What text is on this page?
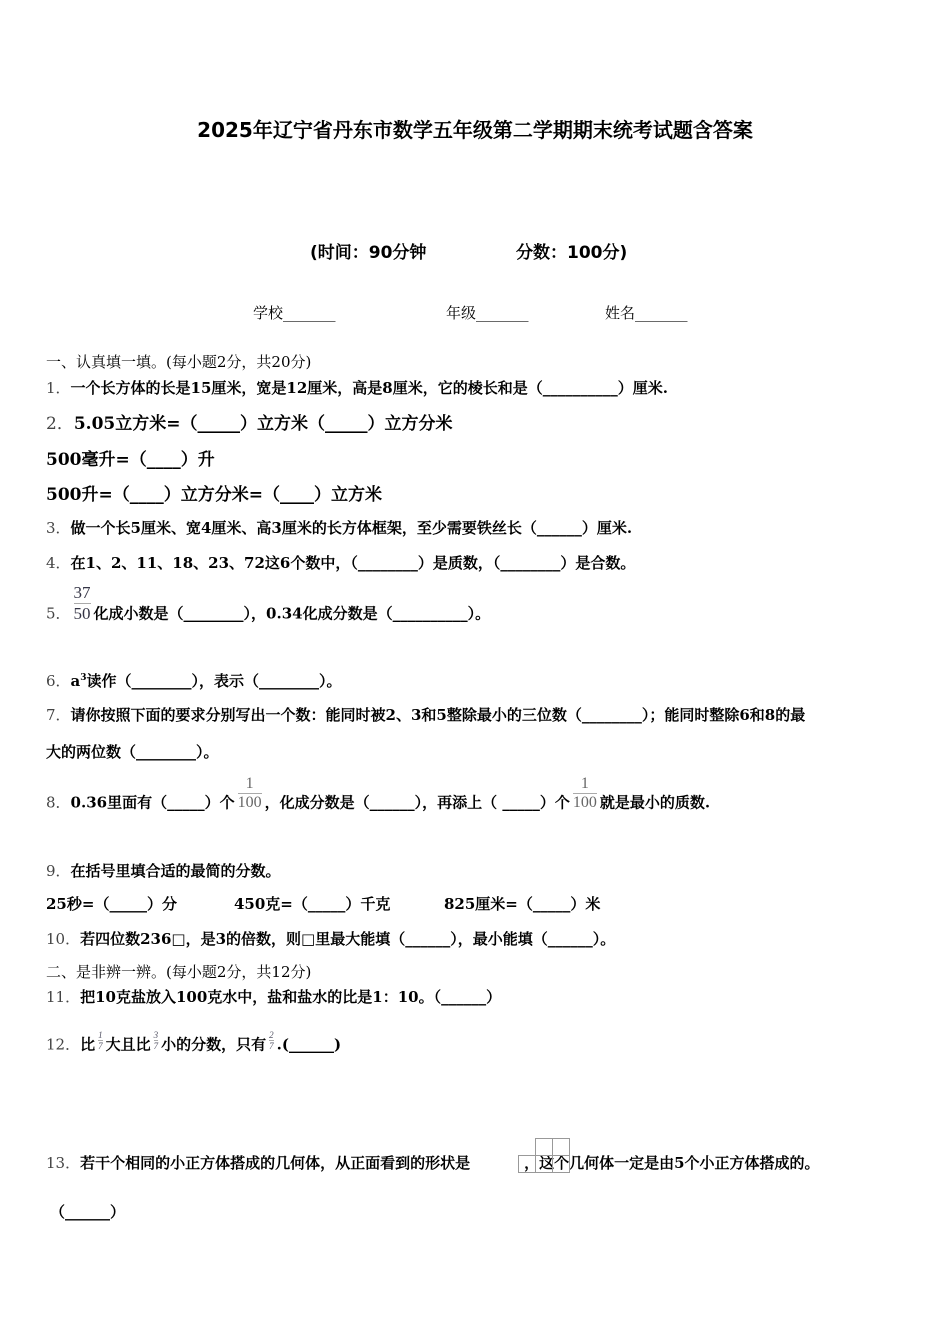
2025年辽宁省丹东市数学五年级第二学期期末统考试题含答案
(时间：90分钟	分数：100分)
学校_______	年级_______	姓名_______
一、认真填一填。(每小题2分，共20分)
1．一个长方体的长是15厘米，宽是12厘米，高是8厘米，它的棱长和是（__________）厘米.
2．5.05立方米=（_____）立方米（_____）立方分米
500毫升=（____）升
500升=（____）立方分米=（____）立方米
3．做一个长5厘米、宽4厘米、高3厘米的长方体框架，至少需要铁丝长（______）厘米.
4．在1、2、11、18、23、72这6个数中，（________）是质数，（________）是合数。
5． $\frac{37}{50}$ 化成小数是（________），0.34化成分数是（__________）。
6．$a^3$读作（________），表示（________）。
7．请你按照下面的要求分别写出一个数：能同时被2、3和5整除最小的三位数（________）；能同时整除6和8的最
大的两位数（________）。
8．0.36里面有（_____）个 $\frac{1}{100}$ ，化成分数是（______），再添上（ _____）个 $\frac{1}{100}$ 就是最小的质数.
9．在括号里填合适的最简的分数。
25秒=（_____）分	450克=（_____）千克	825厘米=（_____）米
10．若四位数236□，是3的倍数，则□里最大能填（______），最小能填（______）。
二、是非辨一辨。(每小题2分，共12分)
11．把10克盐放入100克水中，盐和盐水的比是1：10。（______）
12．比 $\frac{1}{7}$ 大且比 $\frac{3}{7}$ 小的分数，只有 $\frac{2}{7}$ .(______)
13．若干个相同的小正方体搭成的几何体，从正面看到的形状是	，这个几何体一定是由5个小正方体搭成的。
（______）
